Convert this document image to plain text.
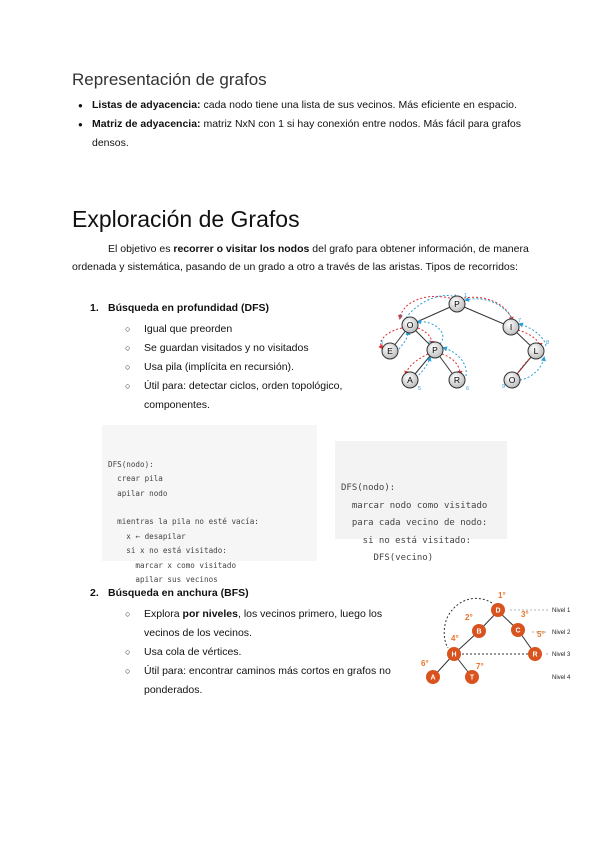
Representación de grafos
● Listas de adyacencia: cada nodo tiene una lista de sus vecinos. Más eficiente en espacio.
● Matriz de adyacencia: matriz NxN con 1 si hay conexión entre nodos. Más fácil para grafos densos.
Exploración de Grafos

El objetivo es recorrer o visitar los nodos del grafo para obtener información, de manera ordenada y sistemática, pasando de un grado a otro a través de las aristas. Tipos de recorridos:

1. Búsqueda en profundidad (DFS)
○ Igual que preorden
○ Se guardan visitados y no visitados
○ Usa pila (implícita en recursión).
○ Útil para: detectar ciclos, orden topológico, componentes.
P
O	I
E	P	L
A	R	O
1
2
3	4
5	6
7
8
9

DFS(nodo):
crear pila
apilar nodo

mientras la pila no esté vacía:
x ← desapilar
si x no está visitado:
marcar x como visitado
apilar sus vecinos

DFS(nodo):
marcar nodo como visitado
para cada vecino de nodo:
si no está visitado:
DFS(vecino)

2. Búsqueda en anchura (BFS)
○ Explora por niveles, los vecinos primero, luego los vecinos de los vecinos.
○ Usa cola de vértices.
○ Útil para: encontrar caminos más cortos en grafos no ponderados.
D
B	C
H	R
A	T
1°
2°	3°
4°	5°
6°	7°
Nivel 1
Nivel 2
Nivel 3
Nivel 4
